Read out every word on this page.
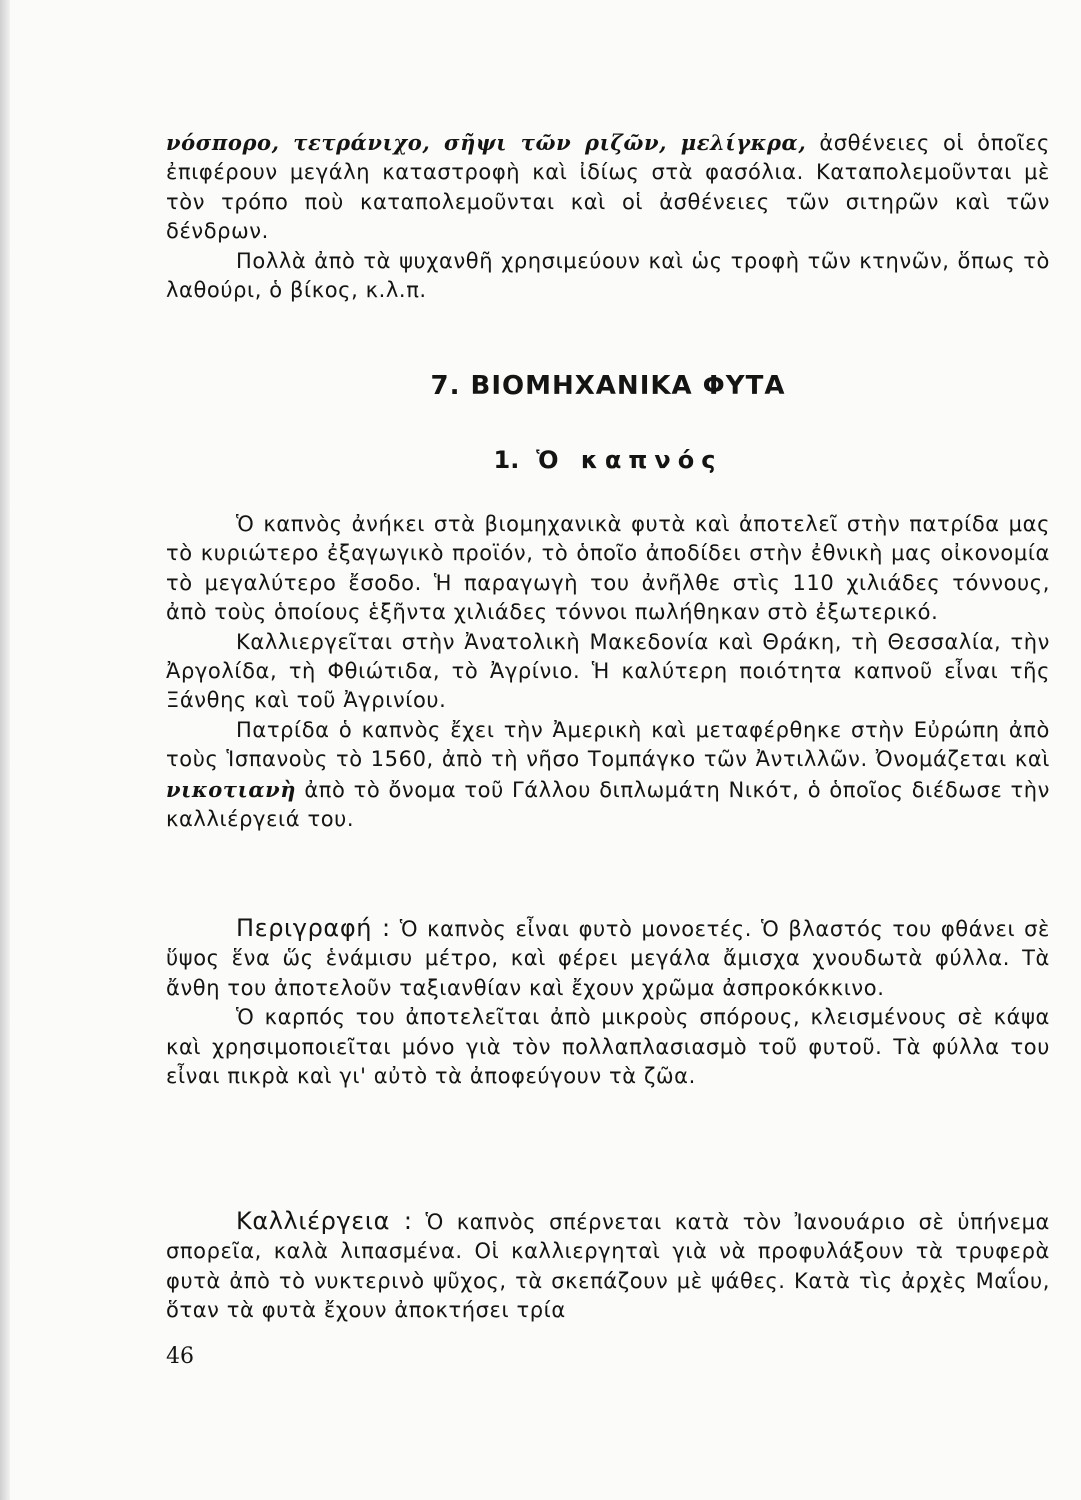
νόσπορο, τετράνιχο, σῆψι τῶν ριζῶν, μελίγκρα, ἀσθένειες οἱ ὁποῖες ἐπιφέρουν μεγάλη καταστροφὴ καὶ ἰδίως στὰ φασόλια. Καταπολεμοῦνται μὲ τὸν τρόπο ποὺ καταπολεμοῦνται καὶ οἱ ἀσθένειες τῶν σιτηρῶν καὶ τῶν δένδρων.

Πολλὰ ἀπὸ τὰ ψυχανθῆ χρησιμεύουν καὶ ὡς τροφὴ τῶν κτηνῶν, ὅπως τὸ λαθούρι, ὁ βίκος, κ.λ.π.

7. ΒΙΟΜΗΧΑΝΙΚΑ ΦΥΤΑ
1. Ὁ καπνός

Ὁ καπνὸς ἀνήκει στὰ βιομηχανικὰ φυτὰ καὶ ἀποτελεῖ στὴν πατρίδα μας τὸ κυριώτερο ἐξαγωγικὸ προϊόν, τὸ ὁποῖο ἀποδίδει στὴν ἐθνικὴ μας οἰκονομία τὸ μεγαλύτερο ἔσοδο. Ἡ παραγωγὴ του ἀνῆλθε στὶς 110 χιλιάδες τόννους, ἀπὸ τοὺς ὁποίους ἑξῆντα χιλιάδες τόννοι πωλήθηκαν στὸ ἐξωτερικό.

Καλλιεργεῖται στὴν Ἀνατολικὴ Μακεδονία καὶ Θράκη, τὴ Θεσσαλία, τὴν Ἀργολίδα, τὴ Φθιώτιδα, τὸ Ἀγρίνιο. Ἡ καλύτερη ποιότητα καπνοῦ εἶναι τῆς Ξάνθης καὶ τοῦ Ἀγρινίου.

Πατρίδα ὁ καπνὸς ἔχει τὴν Ἀμερικὴ καὶ μεταφέρθηκε στὴν Εὐρώπη ἀπὸ τοὺς Ἱσπανοὺς τὸ 1560, ἀπὸ τὴ νῆσο Τομπάγκο τῶν Ἀντιλλῶν. Ὀνομάζεται καὶ νικοτιανὴ ἀπὸ τὸ ὄνομα τοῦ Γάλλου διπλωμάτη Νικότ, ὁ ὁποῖος διέδωσε τὴν καλλιέργειά του.

Περιγραφή : Ὁ καπνὸς εἶναι φυτὸ μονοετές. Ὁ βλαστός του φθάνει σὲ ὕψος ἕνα ὥς ἑνάμισυ μέτρο, καὶ φέρει μεγάλα ἄμισχα χνουδωτὰ φύλλα. Τὰ ἄνθη του ἀποτελοῦν ταξιανθίαν καὶ ἔχουν χρῶμα ἀσπροκόκκινο.

Ὁ καρπός του ἀποτελεῖται ἀπὸ μικροὺς σπόρους, κλεισμένους σὲ κάψα καὶ χρησιμοποιεῖται μόνο γιὰ τὸν πολλαπλασιασμὸ τοῦ φυτοῦ. Τὰ φύλλα του εἶναι πικρὰ καὶ γι' αὐτὸ τὰ ἀποφεύγουν τὰ ζῶα.

Καλλιέργεια : Ὁ καπνὸς σπέρνεται κατὰ τὸν Ἰανουάριο σὲ ὑπήνεμα σπορεῖα, καλὰ λιπασμένα. Οἱ καλλιεργηταὶ γιὰ νὰ προφυλάξουν τὰ τρυφερὰ φυτὰ ἀπὸ τὸ νυκτερινὸ ψῦχος, τὰ σκεπάζουν μὲ ψάθες. Κατὰ τὶς ἀρχὲς Μαΐου, ὅταν τὰ φυτὰ ἔχουν ἀποκτήσει τρία

46
